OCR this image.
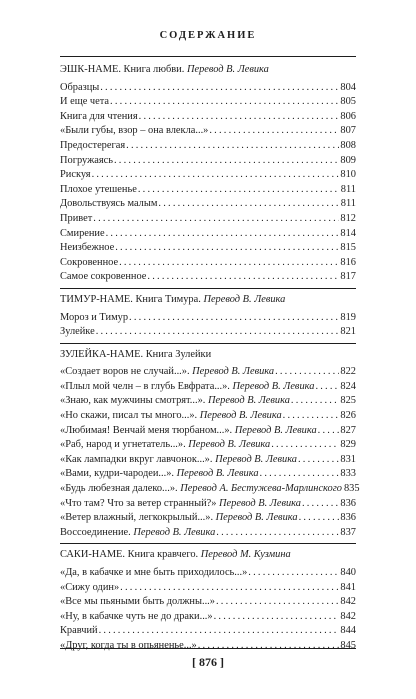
СОДЕРЖАНИЕ
ЭШК-НАМЕ. Книга любви. Перевод В. Левика
Образцы .....	804
И еще чета .....	805
Книга для чтения .....	806
«Были губы, взор – она влекла...» .....	807
Предостерегая .....	808
Погружаясь .....	809
Рискуя .....	810
Плохое утешенье .....	811
Довольствуясь малым .....	811
Привет .....	812
Смирение .....	814
Неизбежное .....	815
Сокровенное .....	816
Самое сокровенное .....	817
ТИМУР-НАМЕ. Книга Тимура. Перевод В. Левика
Мороз и Тимур .....	819
Зулейке .....	821
ЗУЛЕЙКА-НАМЕ. Книга Зулейки
«Создает воров не случай...». Перевод В. Левика .....	822
«Плыл мой челн – в глубь Евфрата...». Перевод В. Левика ..... 824
«Знаю, как мужчины смотрят...». Перевод В. Левика .....	825
«Но скажи, писал ты много...». Перевод В. Левика .....	826
«Любимая! Венчай меня тюрбаном...». Перевод В. Левика ..... 827
«Раб, народ и угнетатель...». Перевод В. Левика .....	829
«Как лампадки вкруг лавчонок...». Перевод В. Левика .....	831
«Вами, кудри-чародеи...». Перевод В. Левика .....	833
«Будь любезная далеко...». Перевод А. Бестужева-Марлинского 835
«Что там? Что за ветер странный?» Перевод В. Левика .....	836
«Ветер влажный, легкокрылый...». Перевод В. Левика .....	836
Воссоединение. Перевод В. Левика .....	837
САКИ-НАМЕ. Книга кравчего. Перевод М. Кузмина
«Да, в кабачке и мне быть приходилось...» .....	840
«Сижу один» .....	841
«Все мы пьяными быть должны...» .....	842
«Ну, в кабачке чуть не до драки...» .....	842
Кравчий .....	844
«Друг, когда ты в опьяненье...» .....	845
[ 876 ]
